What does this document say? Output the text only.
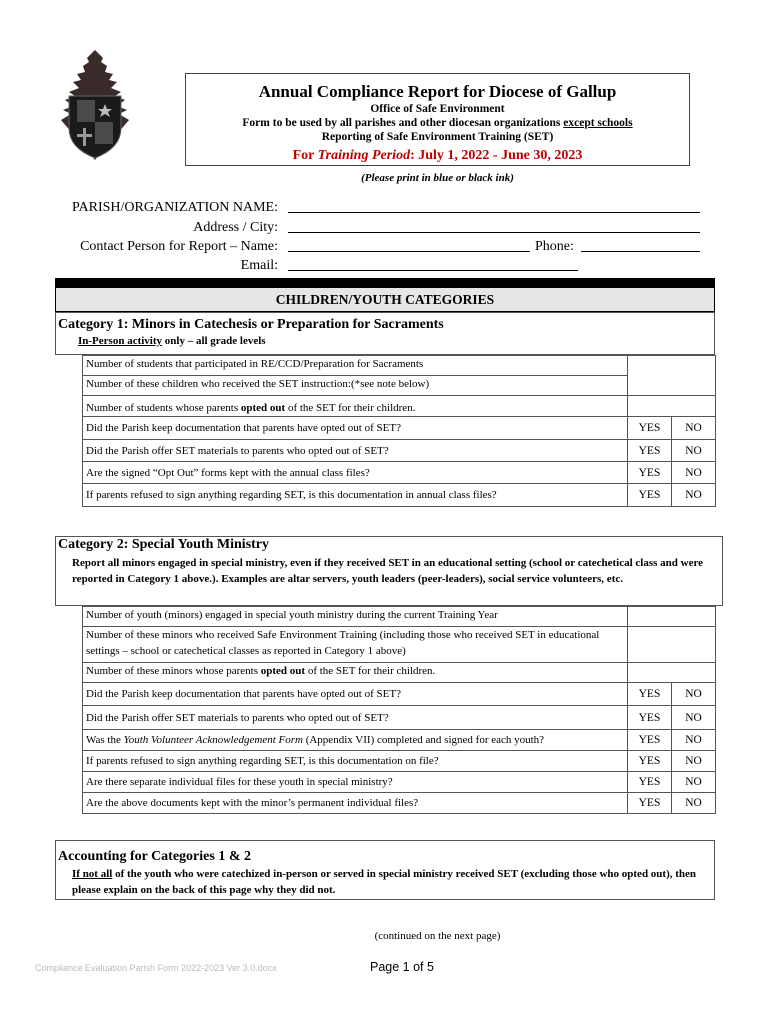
Annual Compliance Report for Diocese of Gallup
Office of Safe Environment
Form to be used by all parishes and other diocesan organizations except schools
Reporting of Safe Environment Training (SET)
For Training Period: July 1, 2022 - June 30, 2023
(Please print in blue or black ink)
PARISH/ORGANIZATION NAME:
Address / City:
Contact Person for Report – Name:	Phone:
Email:
CHILDREN/YOUTH CATEGORIES
Category 1: Minors in Catechesis or Preparation for Sacraments
In-Person activity only – all grade levels
Number of students that participated in RE/CCD/Preparation for Sacraments		
Number of these children who received the SET instruction:(*see note below)		
Number of students whose parents opted out of the SET for their children.		
Did the Parish keep documentation that parents have opted out of SET?	YES	NO
Did the Parish offer SET materials to parents who opted out of SET?	YES	NO
Are the signed “Opt Out” forms kept with the annual class files?	YES	NO
If parents refused to sign anything regarding SET, is this documentation in annual class files?	YES	NO
Category 2: Special Youth Ministry
Report all minors engaged in special ministry, even if they received SET in an educational setting (school or catechetical class and were reported in Category 1 above.). Examples are altar servers, youth leaders (peer-leaders), social service volunteers, etc.
Number of youth (minors) engaged in special youth ministry during the current Training Year		
Number of these minors who received Safe Environment Training (including those who received SET in educational settings – school or catechetical classes as reported in Category 1 above)		
Number of these minors whose parents opted out of the SET for their children.		
Did the Parish keep documentation that parents have opted out of SET?	YES	NO
Did the Parish offer SET materials to parents who opted out of SET?	YES	NO
Was the Youth Volunteer Acknowledgement Form (Appendix VII) completed and signed for each youth?	YES	NO
If parents refused to sign anything regarding SET, is this documentation on file?	YES	NO
Are there separate individual files for these youth in special ministry?	YES	NO
Are the above documents kept with the minor’s permanent individual files?	YES	NO
Accounting for Categories 1 & 2
If not all of the youth who were catechized in-person or served in special ministry received SET (excluding those who opted out), then please explain on the back of this page why they did not.
(continued on the next page)
Compliance Evaluation Parish Form 2022-2023 Ver 3.0.docx	Page 1 of 5
